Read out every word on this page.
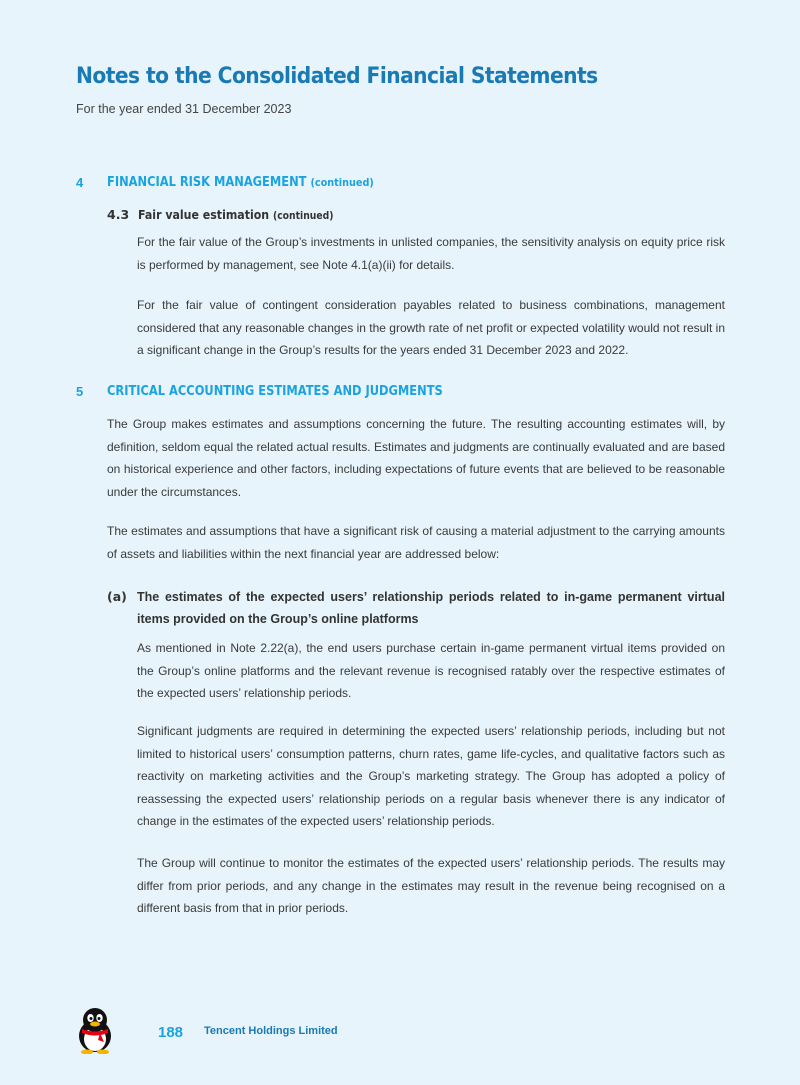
Notes to the Consolidated Financial Statements
For the year ended 31 December 2023
4 FINANCIAL RISK MANAGEMENT (continued)
4.3 Fair value estimation (continued)

For the fair value of the Group’s investments in unlisted companies, the sensitivity analysis on equity price risk is performed by management, see Note 4.1(a)(ii) for details.

For the fair value of contingent consideration payables related to business combinations, management considered that any reasonable changes in the growth rate of net profit or expected volatility would not result in a significant change in the Group’s results for the years ended 31 December 2023 and 2022.

5 CRITICAL ACCOUNTING ESTIMATES AND JUDGMENTS

The Group makes estimates and assumptions concerning the future. The resulting accounting estimates will, by definition, seldom equal the related actual results. Estimates and judgments are continually evaluated and are based on historical experience and other factors, including expectations of future events that are believed to be reasonable under the circumstances.

The estimates and assumptions that have a significant risk of causing a material adjustment to the carrying amounts of assets and liabilities within the next financial year are addressed below:

(a) The estimates of the expected users’ relationship periods related to in-game permanent virtual items provided on the Group’s online platforms

As mentioned in Note 2.22(a), the end users purchase certain in-game permanent virtual items provided on the Group’s online platforms and the relevant revenue is recognised ratably over the respective estimates of the expected users’ relationship periods.

Significant judgments are required in determining the expected users’ relationship periods, including but not limited to historical users’ consumption patterns, churn rates, game life-cycles, and qualitative factors such as reactivity on marketing activities and the Group’s marketing strategy. The Group has adopted a policy of reassessing the expected users’ relationship periods on a regular basis whenever there is any indicator of change in the estimates of the expected users’ relationship periods.

The Group will continue to monitor the estimates of the expected users’ relationship periods. The results may differ from prior periods, and any change in the estimates may result in the revenue being recognised on a different basis from that in prior periods.

188 Tencent Holdings Limited
